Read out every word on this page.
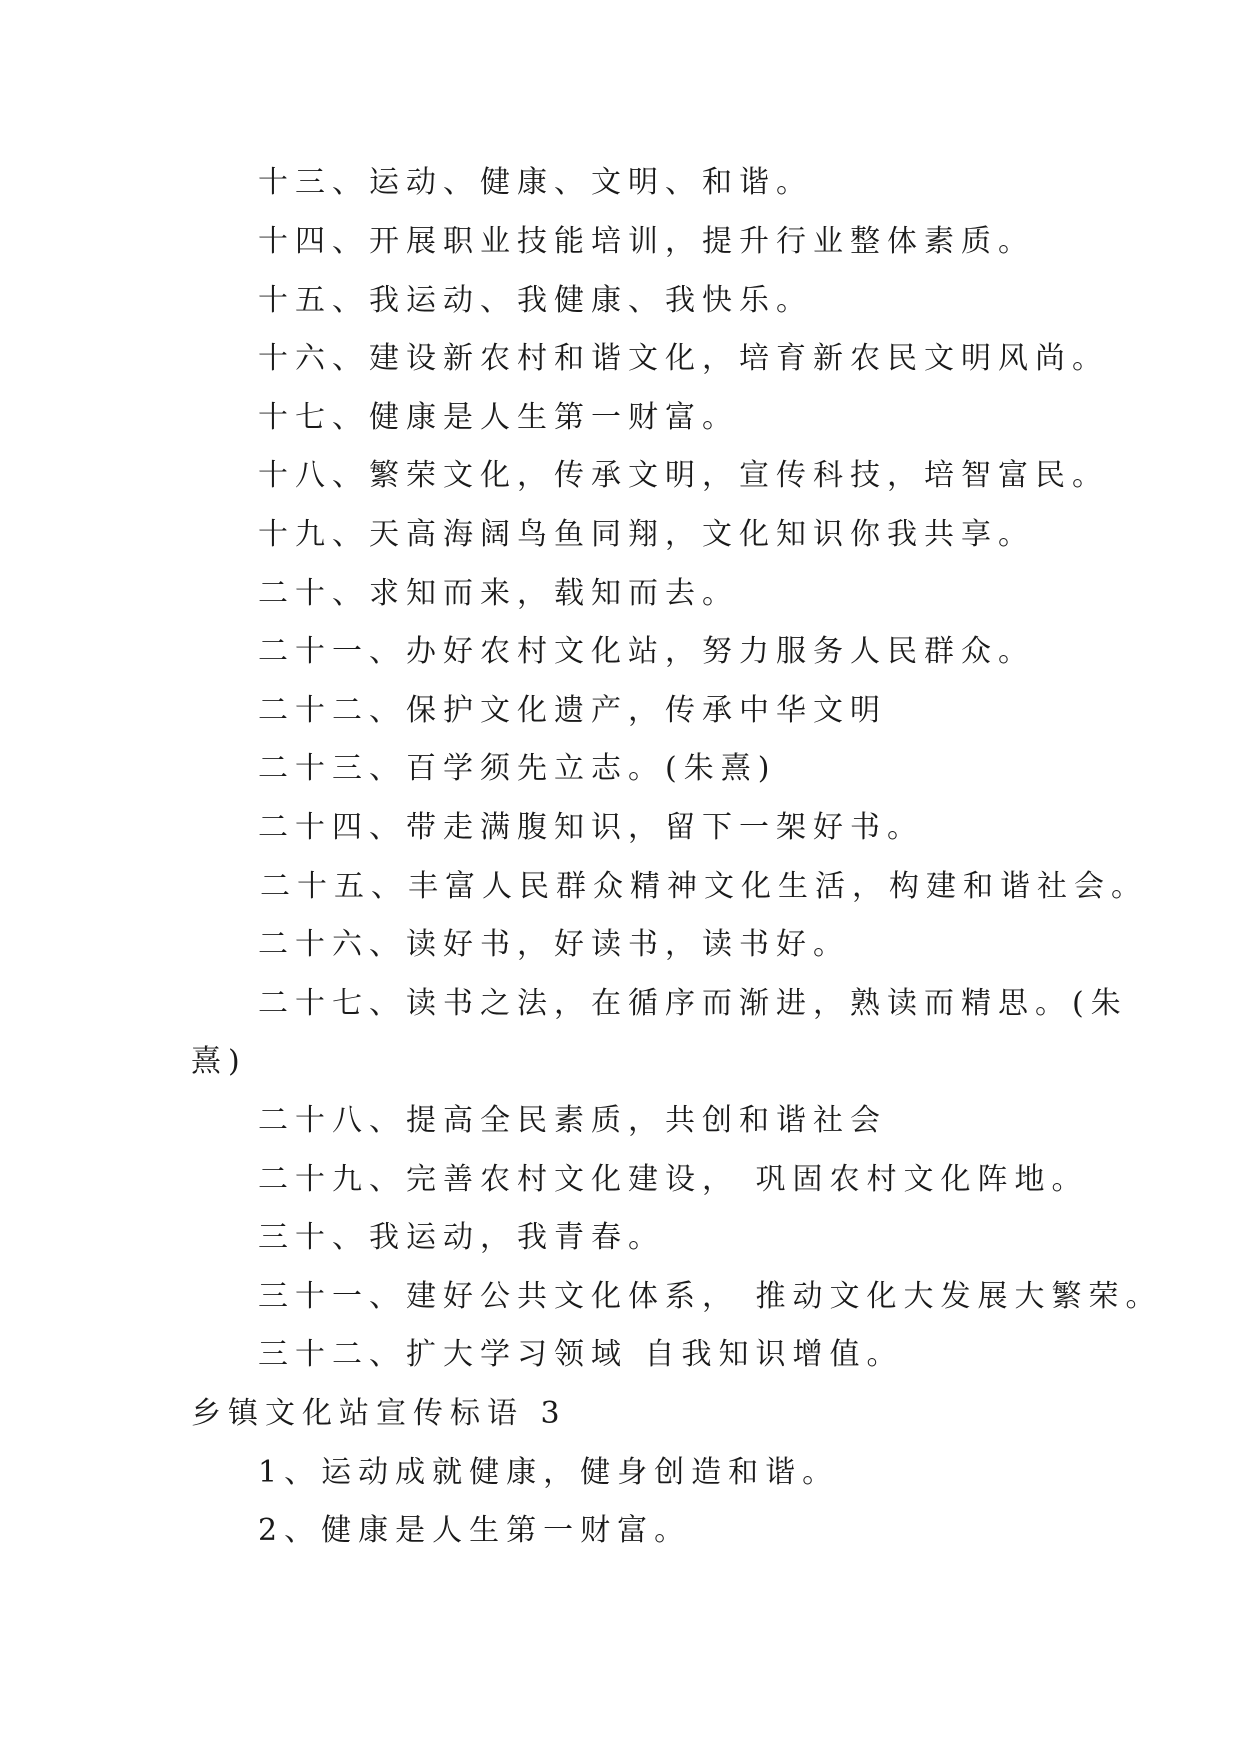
十三、运动、健康、文明、和谐。
十四、开展职业技能培训，提升行业整体素质。
十五、我运动、我健康、我快乐。
十六、建设新农村和谐文化，培育新农民文明风尚。
十七、健康是人生第一财富。
十八、繁荣文化，传承文明，宣传科技，培智富民。
十九、天高海阔鸟鱼同翔，文化知识你我共享。
二十、求知而来，载知而去。
二十一、办好农村文化站，努力服务人民群众。
二十二、保护文化遗产，传承中华文明
二十三、百学须先立志。(朱熹)
二十四、带走满腹知识，留下一架好书。
二十五、丰富人民群众精神文化生活，构建和谐社会。
二十六、读好书，好读书，读书好。
二十七、读书之法，在循序而渐进，熟读而精思。(朱
熹)
二十八、提高全民素质，共创和谐社会
二十九、完善农村文化建设， 巩固农村文化阵地。
三十、我运动，我青春。
三十一、建好公共文化体系， 推动文化大发展大繁荣。
三十二、扩大学习领域 自我知识增值。
乡镇文化站宣传标语 3
1、运动成就健康，健身创造和谐。
2、健康是人生第一财富。
